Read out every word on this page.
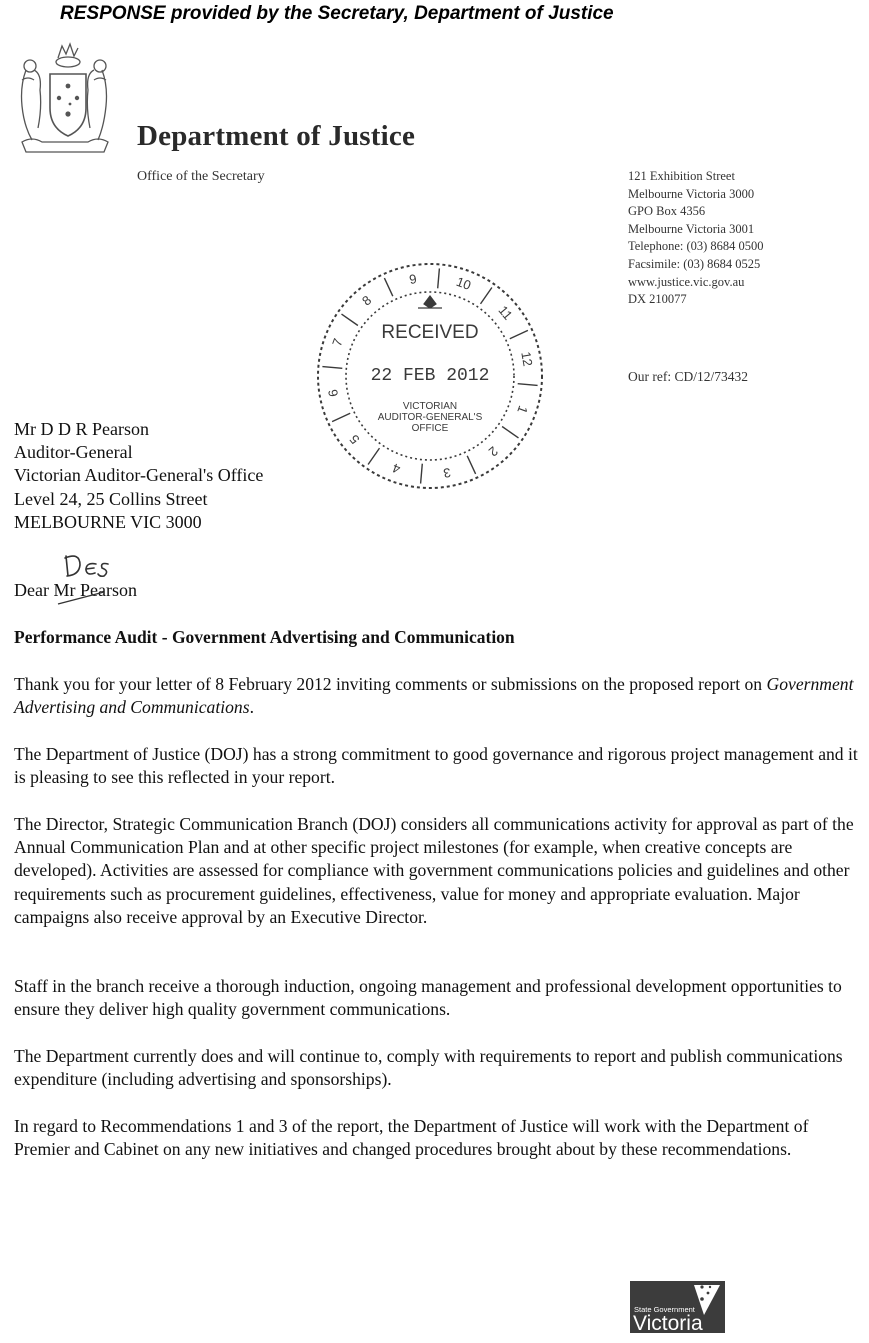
RESPONSE provided by the Secretary, Department of Justice
Department of Justice
Office of the Secretary	121 Exhibition Street
Melbourne Victoria 3000
GPO Box 4356
Melbourne Victoria 3001
Telephone: (03) 8684 0500
Facsimile: (03) 8684 0525
www.justice.vic.gov.au
DX 210077
Our ref: CD/12/73432
8
9	10
11
12
1
2
3
4
5
6
7 RECEIVED
22 FEB 2012
VICTORIAN
AUDITOR-GENERAL'S
OFFICE
Mr D D R Pearson
Auditor-General
Victorian Auditor-General's Office
Level 24, 25 Collins Street
MELBOURNE VIC 3000
Dear Mr Pearson
Performance Audit - Government Advertising and Communication

Thank you for your letter of 8 February 2012 inviting comments or submissions on the proposed report on Government Advertising and Communications.

The Department of Justice (DOJ) has a strong commitment to good governance and rigorous project management and it is pleasing to see this reflected in your report.
The Director, Strategic Communication Branch (DOJ) considers all communications activity for approval as part of the Annual Communication Plan and at other specific project milestones (for example, when creative concepts are developed). Activities are assessed for compliance with government communications policies and guidelines and other requirements such as procurement guidelines, effectiveness, value for money and appropriate evaluation. Major campaigns also receive approval by an Executive Director.
Staff in the branch receive a thorough induction, ongoing management and professional development opportunities to ensure they deliver high quality government communications.
The Department currently does and will continue to, comply with requirements to report and publish communications expenditure (including advertising and sponsorships).
In regard to Recommendations 1 and 3 of the report, the Department of Justice will work with the Department of Premier and Cabinet on any new initiatives and changed procedures brought about by these recommendations.
State Government
Victoria
